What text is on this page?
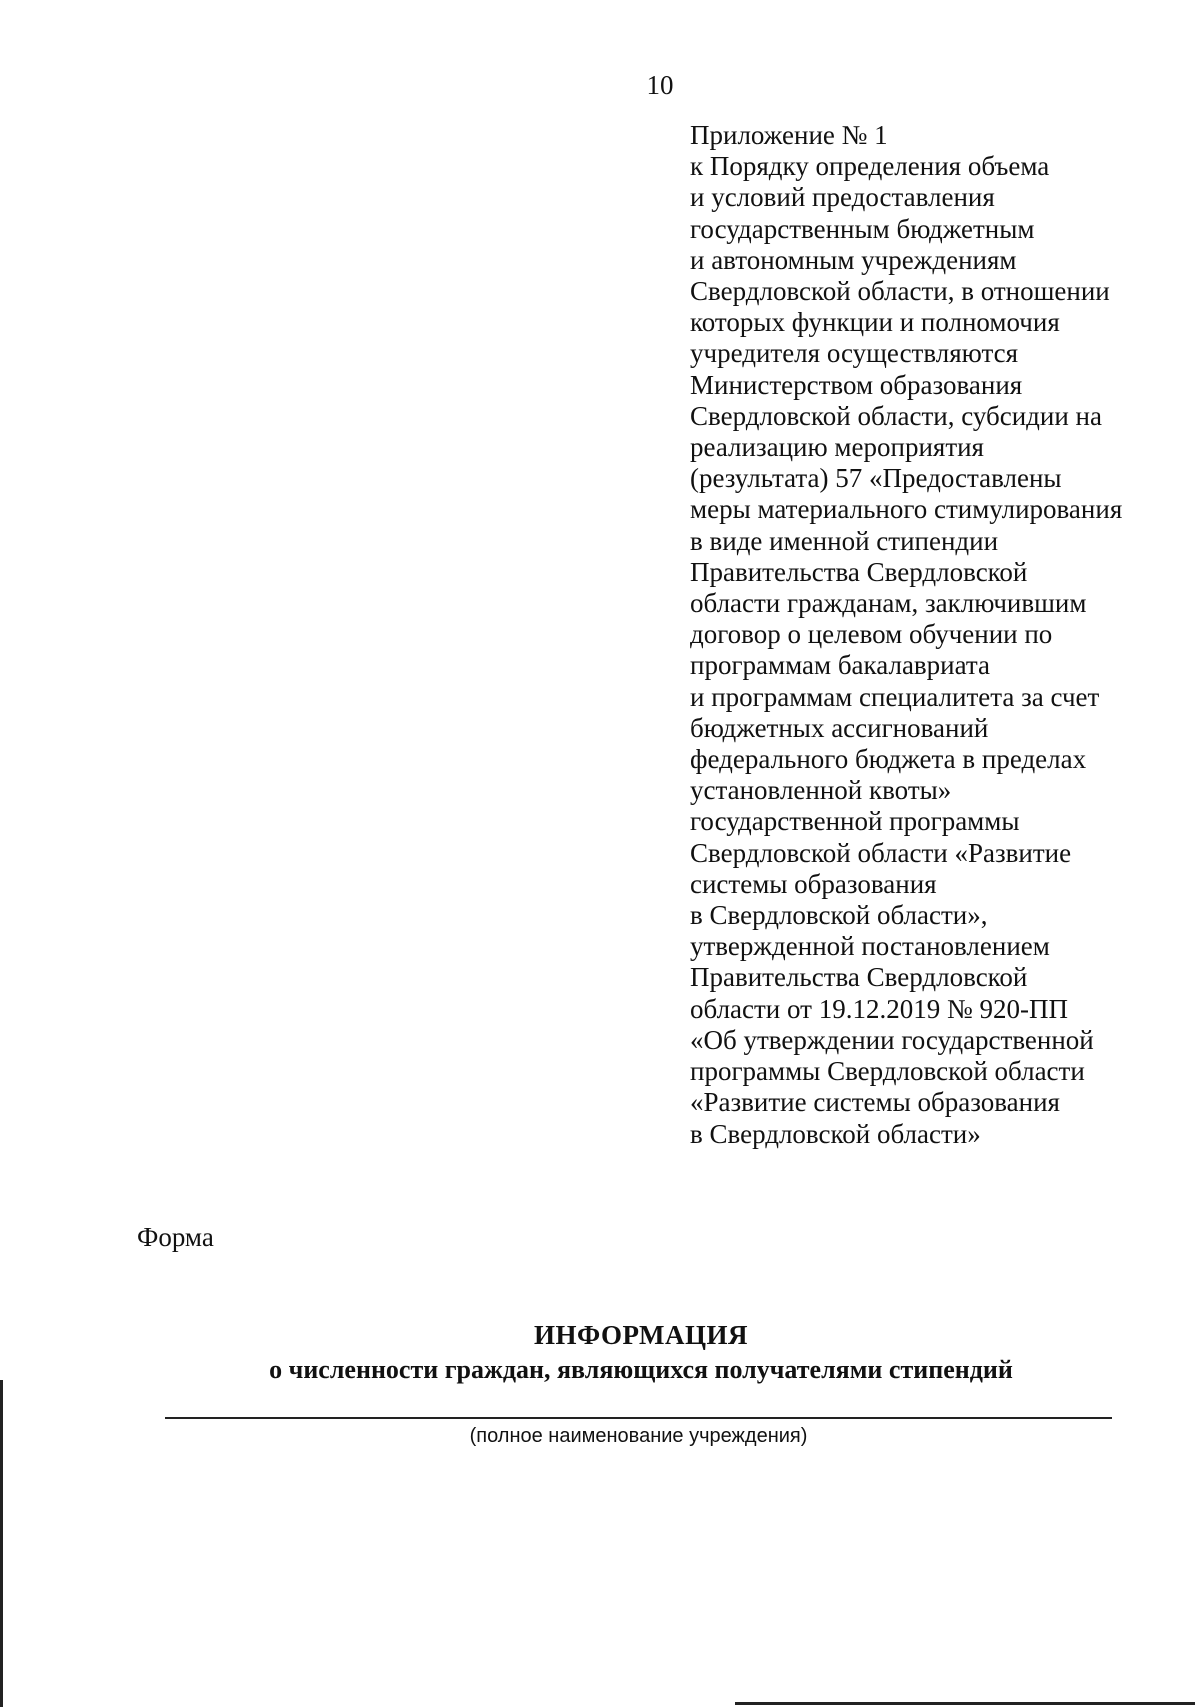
10
Приложение № 1
к Порядку определения объема
и условий предоставления
государственным бюджетным
и автономным учреждениям
Свердловской области, в отношении
которых функции и полномочия
учредителя осуществляются
Министерством образования
Свердловской области, субсидии на
реализацию мероприятия
(результата) 57 «Предоставлены
меры материального стимулирования
в виде именной стипендии
Правительства Свердловской
области гражданам, заключившим
договор о целевом обучении по
программам бакалавриата
и программам специалитета за счет
бюджетных ассигнований
федерального бюджета в пределах
установленной квоты»
государственной программы
Свердловской области «Развитие
системы образования
в Свердловской области»,
утвержденной постановлением
Правительства Свердловской
области от 19.12.2019 № 920-ПП
«Об утверждении государственной
программы Свердловской области
«Развитие системы образования
в Свердловской области»
Форма
ИНФОРМАЦИЯ
о численности граждан, являющихся получателями стипендий
(полное наименование учреждения)
